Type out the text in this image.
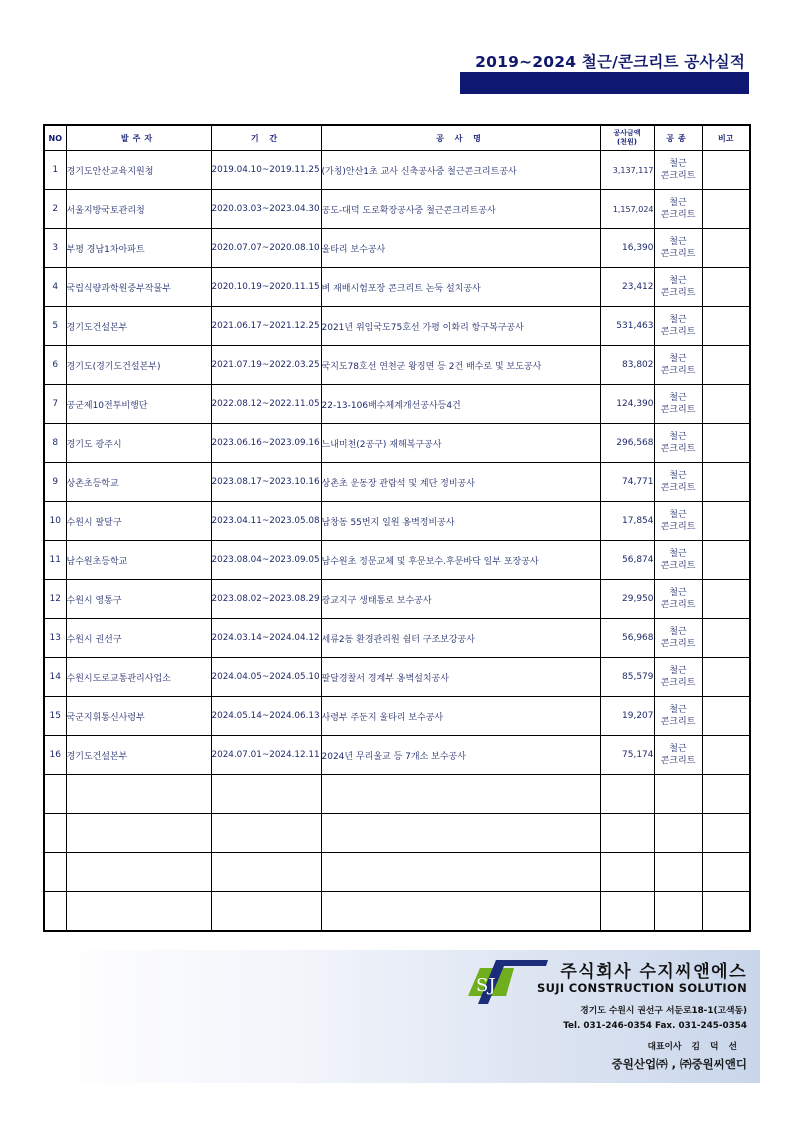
2019~2024 철근/콘크리트 공사실적
NO	발주자	기 간	공 사 명	공사금액
(천원)	공종	비고
1	경기도안산교육지원청	2019.04.10~2019.11.25	(가칭)안산1초 교사 신축공사중 철근콘크리트공사	3,137,117	철근
콘크리트	
2	서울지방국토관리청	2020.03.03~2023.04.30	공도-대덕 도로확장공사중 철근콘크리트공사	1,157,024	철근
콘크리트	
3	부평 경남1차아파트	2020.07.07~2020.08.10	울타리 보수공사	16,390	철근
콘크리트	
4	국립식량과학원중부작물부	2020.10.19~2020.11.15	벼 재배시험포장 콘크리트 논둑 설치공사	23,412	철근
콘크리트	
5	경기도건설본부	2021.06.17~2021.12.25	2021년 위임국도75호선 가평 이화리 항구복구공사	531,463	철근
콘크리트	
6	경기도(경기도건설본부)	2021.07.19~2022.03.25	국지도78호선 연천군 왕징면 등 2건 배수로 및 보도공사	83,802	철근
콘크리트	
7	공군제10전투비행단	2022.08.12~2022.11.05	22-13-106배수체계개선공사등4건	124,390	철근
콘크리트	
8	경기도 광주시	2023.06.16~2023.09.16	느내미천(2공구) 재해복구공사	296,568	철근
콘크리트	
9	상촌초등학교	2023.08.17~2023.10.16	상촌초 운동장 관람석 및 계단 정비공사	74,771	철근
콘크리트	
10	수원시 팔달구	2023.04.11~2023.05.08	남창동 55번지 일원 옹벽정비공사	17,854	철근
콘크리트	
11	남수원초등학교	2023.08.04~2023.09.05	남수원초 정문교체 및 후문보수.후문바닥 일부 포장공사	56,874	철근
콘크리트	
12	수원시 영통구	2023.08.02~2023.08.29	광교지구 생태통로 보수공사	29,950	철근
콘크리트	
13	수원시 권선구	2024.03.14~2024.04.12	세류2동 환경관리원 쉼터 구조보강공사	56,968	철근
콘크리트	
14	수원시도로교통관리사업소	2024.04.05~2024.05.10	팔달경찰서 경계부 옹벽설치공사	85,579	철근
콘크리트	
15	국군지휘통신사령부	2024.05.14~2024.06.13	사령부 주둔지 울타리 보수공사	19,207	철근
콘크리트	
16	경기도건설본부	2024.07.01~2024.12.11	2024년 무리울교 등 7개소 보수공사	75,174	철근
콘크리트	

SJ
주식회사 수지씨앤에스
SUJI CONSTRUCTION SOLUTION
경기도 수원시 권선구 서둔로18-1(고색동)
Tel. 031-246-0354 Fax. 031-245-0354
대표이사 김덕선
중원산업㈜ , ㈜중원씨앤디
